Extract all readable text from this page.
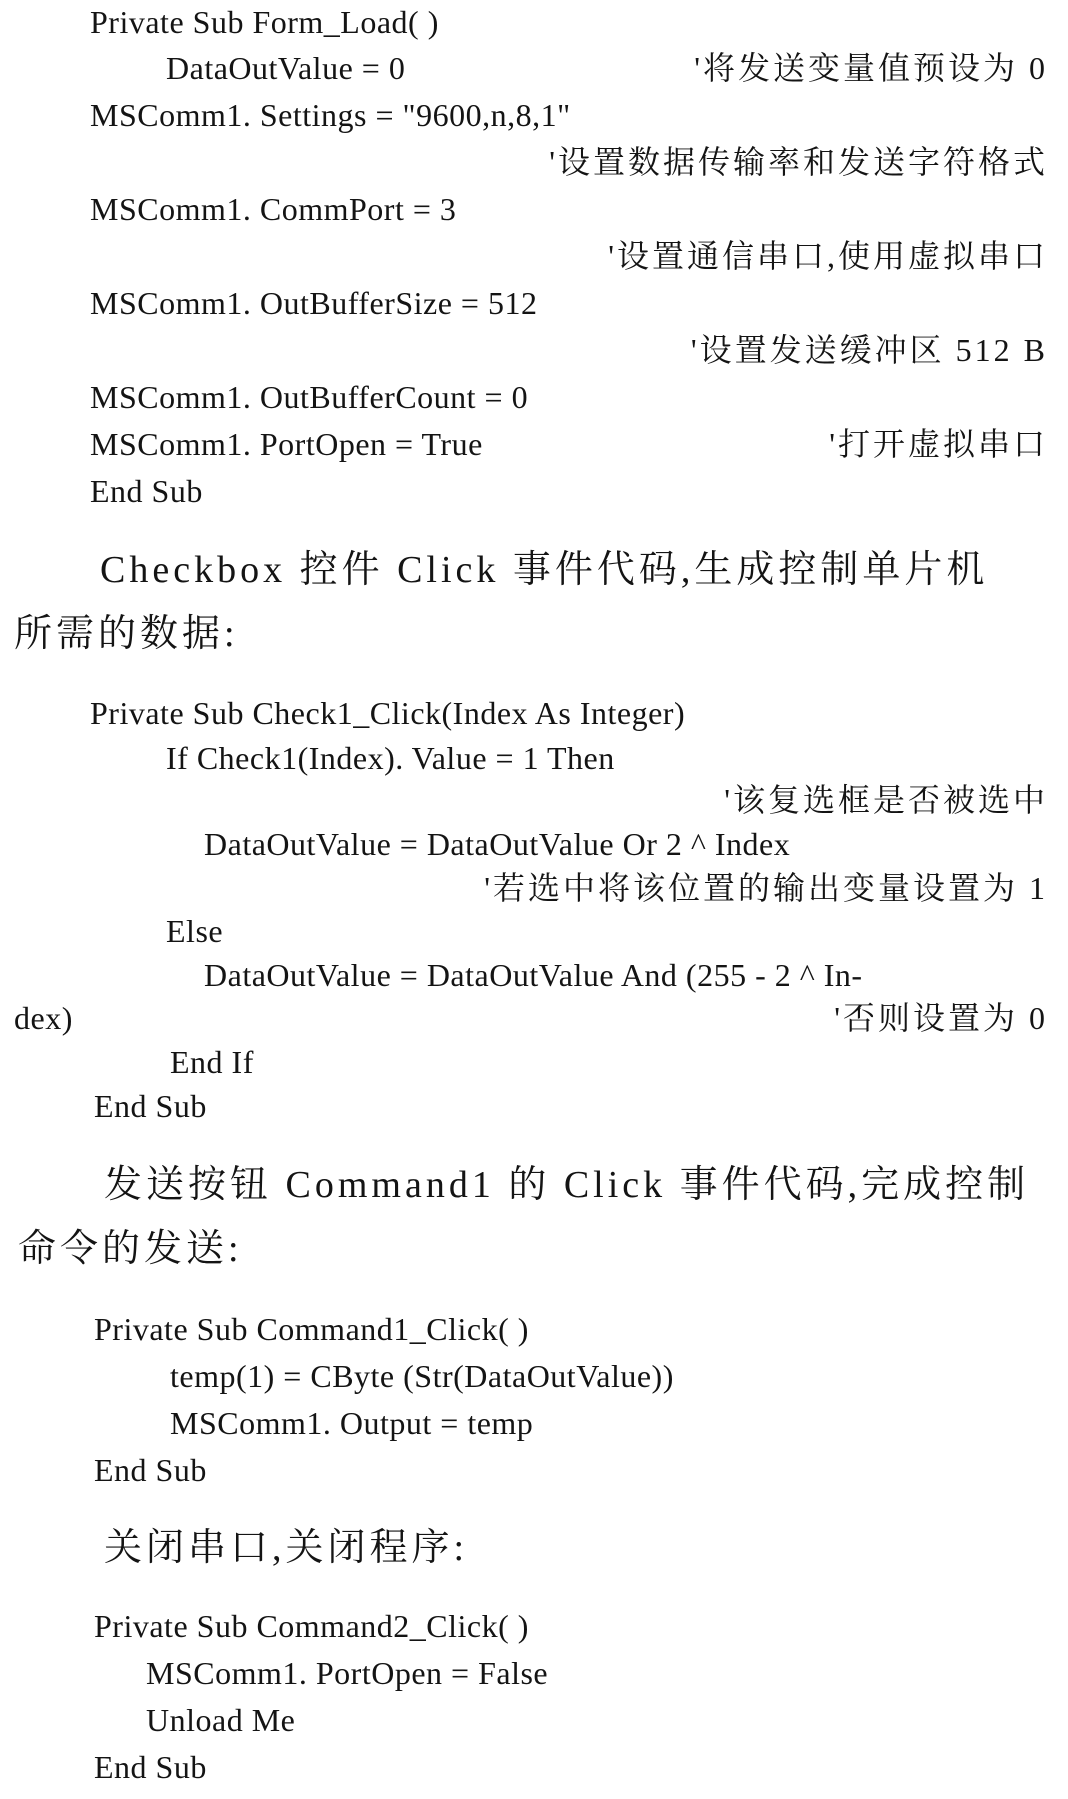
Private Sub Form_Load( )
DataOutValue = 0	'将发送变量值预设为 0
MSComm1. Settings = "9600,n,8,1"
'设置数据传输率和发送字符格式
MSComm1. CommPort = 3
'设置通信串口,使用虚拟串口
MSComm1. OutBufferSize = 512
'设置发送缓冲区 512 B
MSComm1. OutBufferCount = 0
MSComm1. PortOpen = True	'打开虚拟串口
End Sub
Checkbox 控件 Click 事件代码,生成控制单片机
所需的数据:
Private Sub Check1_Click(Index As Integer)
If Check1(Index). Value = 1 Then
'该复选框是否被选中
DataOutValue = DataOutValue Or 2 ^ Index
'若选中将该位置的输出变量设置为 1
Else
DataOutValue = DataOutValue And (255 - 2 ^ In-
dex)	'否则设置为 0
End If
End Sub
发送按钮 Command1 的 Click 事件代码,完成控制
命令的发送:
Private Sub Command1_Click( )
temp(1) = CByte (Str(DataOutValue))
MSComm1. Output = temp
End Sub
关闭串口,关闭程序:
Private Sub Command2_Click( )
MSComm1. PortOpen = False
Unload Me
End Sub
